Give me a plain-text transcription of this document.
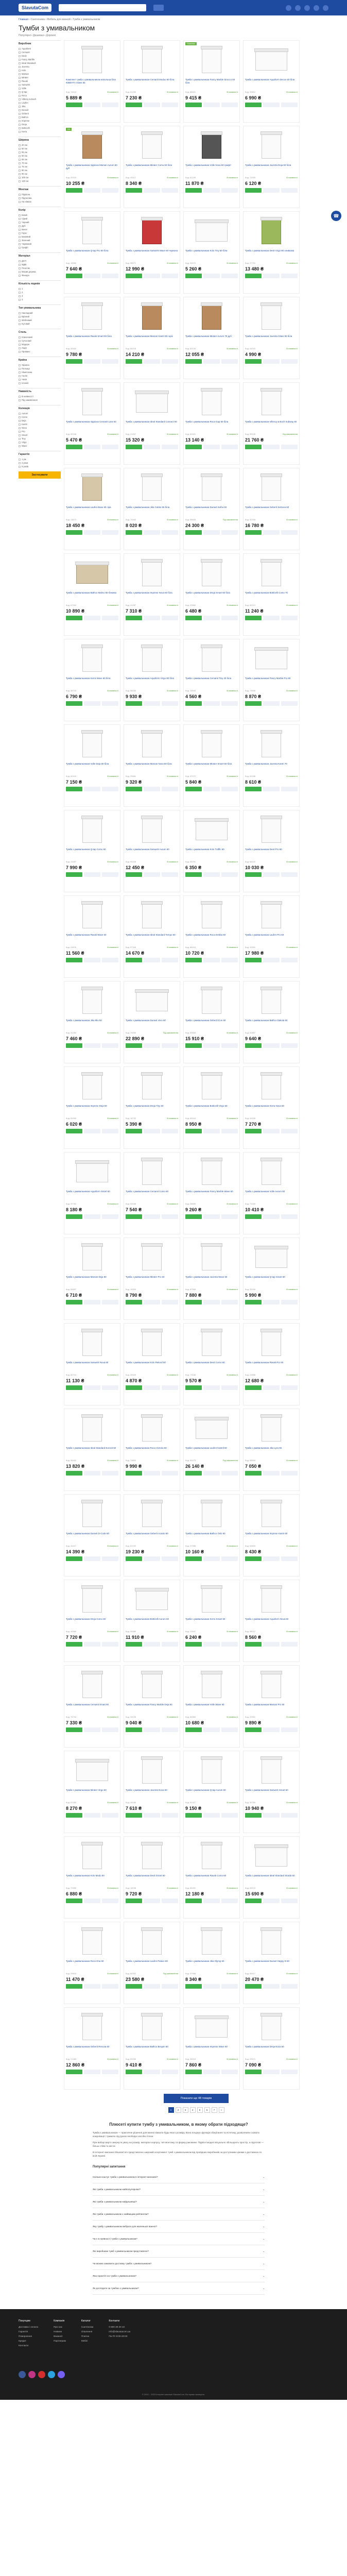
SlavutaCom
Главная › Сантехника › Мебель для ванной › Тумби з умивальником
Тумби з умивальником
Популярні • Дешевші • Дорожчі
Виробник
Aquaform
Cersanit
Devit
Fancy Marble
Ideal Standard
Juventa
Kolo
Marsan
Mirater
Ravak
Sanwerk
Volle
Q-tap
Roca
Villeroy & Boch
Laufen
Jika
Duravit
Geberit
Bathco
Imprese
Dreja
Botticelli
Kerra
Ширина
40 см
50 см
55 см
60 см
65 см
70 см
75 см
80 см
90 см
100 см
120 см
Монтаж
Підвісна
Підлогова
На ніжках
Колір
Білий
Сірий
Чорний
Дуб
Венге
Горіх
Бежевий
Зелений
Червоний
Графіт
Матеріал
ДСП
МДФ
Пластик
Масив дерева
Фанера
Кількість ящиків
1
2
3
4
Тип умивальника
Накладний
Врізний
Меблевий
Кутовий
Стиль
Класичний
Сучасний
Модерн
Лофт
Прованс
Країна
Україна
Польща
Німеччина
Італія
Чехія
Іспанія
Наявність
В наявності
Під замовлення
Колекція
Aurum
Como
Deja
Kantri
Nova
Pro
Smart
Tiny
Virgo
Wave
Гарантія
1 рік
2 роки
5 років
Застосувати
Комплект тумба з умивальником напольна біла ЮВЕНТА Glass 60
Код: 74513	В наявності
5 889 ₴
Тумба з умивальником Cersanit Moduo 60 біла
Код: 51290	В наявності
7 230 ₴
Новинка
Тумба з умивальником Fancy Marble Sirocco 60 біла
Код: 88421	В наявності
9 415 ₴
Тумба з умивальником Aquaform Decos 60 біла
Код: 33812	В наявності
6 990 ₴
Хіт
Тумба з умивальником підвісна Marsan Aurum 60 дуб
Код: 20315	В наявності
10 255 ₴
Тумба з умивальником Mirater Como 60 біла
Код: 40117	В наявності
8 340 ₴
Тумба з умивальником Volle Nova 60 графіт
Код: 61249	В наявності
11 870 ₴
Тумба з умивальником Juventa Deja 60 біла
Код: 72033	В наявності
6 120 ₴
Тумба з умивальником Q-tap Pro 60 біла
Код: 15580	В наявності
7 640 ₴
Тумба з умивальником Sanwerk Wave 60 червона
Код: 98071	В наявності
12 990 ₴
Тумба з умивальником Kolo Tiny 50 біла
Код: 34670	В наявності
5 260 ₴
Тумба з умивальником Devit Virgo 80 оливкова
Код: 27751	В наявності
13 480 ₴
Тумба з умивальником Ravak Smart 60 біла
Код: 55402	В наявності
9 780 ₴
Тумба з умивальником Marsan Kantri 80 горіх
Код: 66218	В наявності
14 210 ₴
Тумба з умивальником Mirater Aurum 70 дуб
Код: 80134	В наявності
12 055 ₴
Тумба з умивальником Juventa Glass 50 біла
Код: 44310	В наявності
4 990 ₴
Тумба з умивальником підвісна Cersanit Lara 50
Код: 30198	В наявності
5 470 ₴
Тумба з умивальником Ideal Standard Connect 60
Код: 21907	В наявності
15 320 ₴
Тумба з умивальником Roca Gap 60 біла
Код: 63021	В наявності
13 140 ₴
Тумба з умивальником Villeroy & Boch Subway 60
Код: 95126	Під замовлення
21 760 ₴
Тумба з умивальником Laufen Base 60 сіра
Код: 11873	В наявності
18 450 ₴
Тумба з умивальником Jika Cubito 55 біла
Код: 70442	В наявності
8 020 ₴
Тумба з умивальником Duravit Ketho 60
Код: 38825	Під замовлення
24 300 ₴
Тумба з умивальником Geberit Selnova 60
Код: 52318	В наявності
16 780 ₴
Тумба з умивальником Bathco Malmo 60 бежева
Код: 67904	В наявності
10 890 ₴
Тумба з умивальником Imprese Nova 60 біла
Код: 41287	В наявності
7 310 ₴
Тумба з умивальником Dreja Smart 60 біла
Код: 29560	В наявності
6 480 ₴
Тумба з умивальником Botticelli Como 70
Код: 84113	В наявності
11 240 ₴
Тумба з умивальником Kerra Wave 60 біла
Код: 36719	В наявності
6 790 ₴
Тумба з умивальником Aquaform Virgo 80 біла
Код: 58230	В наявності
9 930 ₴
Тумба з умивальником Cersanit Tiny 40 біла
Код: 19044	В наявності
4 560 ₴
Тумба з умивальником Fancy Marble Pro 60
Код: 73608	В наявності
8 870 ₴
Тумба з умивальником Volle Deja 60 біла
Код: 62419	В наявності
7 150 ₴
Тумба з умивальником Marsan Nova 60 біла
Код: 25581	В наявності
9 320 ₴
Тумба з умивальником Mirater Smart 50 біла
Код: 47072	В наявності
5 840 ₴
Тумба з умивальником Juventa Kantri 70
Код: 81936	В наявності
8 610 ₴
Тумба з умивальником Q-tap Como 60
Код: 13457	В наявності
7 990 ₴
Тумба з умивальником Sanwerk Aurum 60
Код: 90228	В наявності
12 450 ₴
Тумба з умивальником Kolo Traffic 60
Код: 35791	В наявності
6 350 ₴
Тумба з умивальником Devit Pro 60
Код: 68102	В наявності
10 030 ₴
Тумба з умивальником Ravak Wave 60
Код: 24876	В наявності
11 560 ₴
Тумба з умивальником Ideal Standard Tempo 60
Код: 57349	В наявності
14 670 ₴
Тумба з умивальником Roca Debba 60
Код: 86015	В наявності
10 720 ₴
Тумба з умивальником Laufen Pro 60
Код: 42591	В наявності
17 980 ₴
Тумба з умивальником Jika Mio 50
Код: 31264	В наявності
7 460 ₴
Тумба з умивальником Duravit Vero 60
Код: 74930	Під замовлення
22 890 ₴
Тумба з умивальником Geberit iCon 60
Код: 59683	В наявності
15 910 ₴
Тумба з умивальником Bathco Dakota 60
Код: 20857	В наявності
9 640 ₴
Тумба з умивальником Imprese Deja 50
Код: 83490	В наявності
6 020 ₴
Тумба з умивальником Dreja Tiny 50
Код: 16732	В наявності
5 390 ₴
Тумба з умивальником Botticelli Virgo 60
Код: 65118	В наявності
8 950 ₴
Тумба з умивальником Kerra Nova 60
Код: 49205	В наявності
7 270 ₴
Тумба з умивальником Aquaform Smart 60
Код: 37781	В наявності
8 180 ₴
Тумба з умивальником Cersanit Como 60
Код: 92046	В наявності
7 540 ₴
Тумба з умивальником Fancy Marble Wave 60
Код: 28659	В наявності
9 260 ₴
Тумба з умивальником Volle Aurum 60
Код: 71320	В наявності
10 410 ₴
Тумба з умивальником Marsan Deja 50
Код: 54807	В наявності
6 710 ₴
Тумба з умивальником Mirater Pro 60
Код: 18394	В наявності
8 790 ₴
Тумба з умивальником Juventa Wave 60
Код: 87563	В наявності
7 880 ₴
Тумба з умивальником Q-tap Smart 50
Код: 32016	В наявності
5 990 ₴
Тумба з умивальником Sanwerk Nova 60
Код: 60741	В наявності
11 130 ₴
Тумба з умивальником Kolo Rekord 50
Код: 45329	В наявності
4 870 ₴
Тумба з умивальником Devit Como 60
Код: 79186	В наявності
9 570 ₴
Тумба з умивальником Ravak Pro 60
Код: 23658	В наявності
12 680 ₴
Тумба з умивальником Ideal Standard Eurovit 60
Код: 96402	В наявності
13 820 ₴
Тумба з умивальником Roca Victoria 60
Код: 11590	В наявності
9 990 ₴
Тумба з умивальником Laufen Kartell 60
Код: 50273	Під замовлення
26 140 ₴
Тумба з умивальником Jika Lyra 55
Код: 68944	В наявності
7 050 ₴
Тумба з умивальником Duravit D-Code 60
Код: 34417	В наявності
14 390 ₴
Тумба з умивальником Geberit Acanto 60
Код: 81702	В наявності
19 230 ₴
Тумба з умивальником Bathco Oslo 60
Код: 27358	В наявності
10 160 ₴
Тумба з умивальником Imprese Kantri 60
Код: 63815	В наявності
8 430 ₴
Тумба з умивальником Dreja Como 60
Код: 40569	В наявності
7 720 ₴
Тумба з умивальником Botticelli Aurum 60
Код: 95380	В наявності
11 910 ₴
Тумба з умивальником Kerra Smart 50
Код: 12647	В наявності
6 240 ₴
Тумба з умивальником Aquaform Nova 60
Код: 58012	В наявності
8 560 ₴
Тумба з умивальником Cersanit Smart 60
Код: 76734	В наявності
7 330 ₴
Тумба з умивальником Fancy Marble Deja 60
Код: 39126	В наявності
9 040 ₴
Тумба з умивальником Volle Wave 60
Код: 84569	В наявності
10 680 ₴
Тумба з умивальником Marsan Pro 60
Код: 22901	В наявності
9 890 ₴
Тумба з умивальником Mirater Virgo 60
Код: 67453	В наявності
8 270 ₴
Тумба з умивальником Juventa Nova 60
Код: 45180	В наявності
7 610 ₴
Тумба з умивальником Q-tap Aurum 60
Код: 91327	В наявності
9 150 ₴
Тумба з умивальником Sanwerk Smart 60
Код: 30784	В наявності
10 940 ₴
Тумба з умивальником Kolo Modo 60
Код: 72659	В наявності
6 880 ₴
Тумба з умивальником Devit Smart 60
Код: 18236	В наявності
9 720 ₴
Тумба з умивальником Ravak Como 60
Код: 56491	В наявності
12 180 ₴
Тумба з умивальником Ideal Standard Strada 60
Код: 83074	В наявності
15 690 ₴
Тумба з умивальником Roca Ona 60
Код: 29815	В наявності
11 470 ₴
Тумба з умивальником Laufen Palace 60
Код: 64302	Під замовлення
23 580 ₴
Тумба з умивальником Jika Olymp 60
Код: 37958	В наявності
8 340 ₴
Тумба з умивальником Duravit Happy D 60
Код: 85617	В наявності
20 470 ₴
Тумба з умивальником Geberit Renova 60
Код: 21483	В наявності
12 860 ₴
Тумба з умивальником Bathco Bergen 60
Код: 69250	В наявності
9 410 ₴
Тумба з умивальником Imprese Wave 60
Код: 46019	В наявності
7 860 ₴
Тумба з умивальником Dreja Nova 60
Код: 93571	В наявності
7 090 ₴
Показати ще 48 товарів
1	2	3	4	5	6	7	»
☎
Плюсеті купити тумбу з умивальником, в якому обрати підходяще?

Тумба з умивальником — практичне рішення для ванної кімнати будь-якого розміру. Вона поєднує функцію зберігання та естетику, дозволяючи сховати комунікації і тримати під рукою необхідні засоби гігієни.

При виборі варто звернути увагу на розмір, матеріал корпусу, тип монтажу та форму раковини. Підвісні моделі візуально збільшують простір, а підлогові — більш стійкі та місткі.

В інтернет-магазині SlavutaCom представлено широкий асортимент тумб з умивальником від провідних виробників за доступними цінами з доставкою по всій Україні.

Популярні запитання
Скільки коштує тумба з умивальником в інтернет-магазині?	⌄
Які тумби з умивальником найпопулярніші?	⌄
Які тумби з умивальником найдешевші?	⌄
Які тумби з умивальником з найвищим рейтингом?	⌄
Яку тумбу з умивальником вибрати для маленької ванної?	⌄
Чи є в наявності тумби з умивальником?	⌄
Які виробники тумб з умивальником представлені?	⌄
Чи можна замовити доставку тумби з умивальником?	⌄
Яка гарантія на тумби з умивальником?	⌄
Як доглядати за тумбою з умивальником?	⌄
Покупцям
Доставка і оплата
Гарантія
Повернення
Кредит
Контакти
Компанія
Про нас
Новини
Вакансії
Партнерам
Каталог
Сантехніка
Опалення
Плитка
Меблі
Контакти
0 800 30 20 10
info@slavutacom.ua
Пн-Пт 9:00-20:00
© 2010 – 2023 Інтернет-магазин SlavutaCom. Всі права захищено.
